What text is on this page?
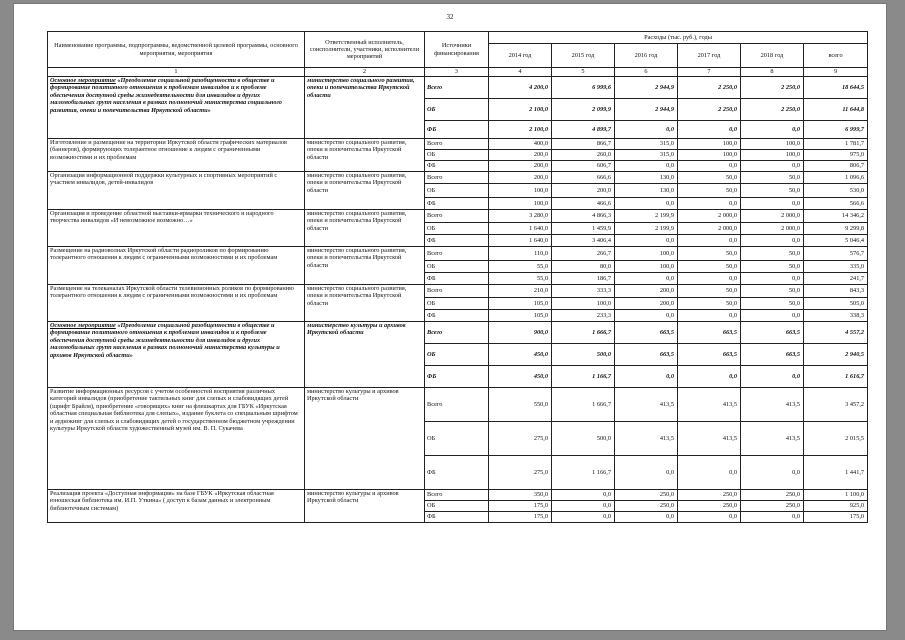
32
Наименование программы, подпрограммы, ведомственной целевой программы, основного мероприятия, мероприятия	Ответственный исполнитель, соисполнители, участники, исполнители мероприятий	Источники финансирования	Расходы (тыс. руб.), годы					
			2014 год	2015 год	2016 год	2017 год	2018 год	всего
1	2	3	4	5	6	7	8	9
Основное мероприятие «Преодоление социальной разобщенности в обществе и формирование позитивного отношения к проблемам инвалидов и к проблеме обеспечения доступной среды жизнедеятельности для инвалидов и других маломобильных групп населения в рамках полномочий министерства социального развития, опеки и попечительства Иркутской области»	министерство социального развития, опеки и попечительства Иркутской области	Всего	4 200,0	6 999,6	2 944,9	2 250,0	2 250,0	18 644,5
		ОБ	2 100,0	2 099,9	2 944,9	2 250,0	2 250,0	11 644,8
		ФБ	2 100,0	4 899,7	0,0	0,0	0,0	6 999,7
Изготовление и размещение на территории Иркутской области графических материалов (баннеров), формирующих толерантное отношение к людям с ограниченными возможностями и их проблемам	министерство социального развития, опеки и попечительства Иркутской области	Всего	400,0	866,7	315,0	100,0	100,0	1 781,7
		ОБ	200,0	260,0	315,0	100,0	100,0	975,0
		ФБ	200,0	606,7	0,0	0,0	0,0	806,7
Организация информационной поддержки культурных и спортивных мероприятий с участием инвалидов, детей-инвалидов	министерство социального развития, опеки и попечительства Иркутской области	Всего	200,0	666,6	130,0	50,0	50,0	1 096,6
		ОБ	100,0	200,0	130,0	50,0	50,0	530,0
		ФБ	100,0	466,6	0,0	0,0	0,0	566,6
Организация и проведение областной выставки-ярмарки технического и народного творчества инвалидов «И невозможное возможно…»	министерство социального развития, опеки и попечительства Иркутской области	Всего	3 280,0	4 866,3	2 199,9	2 000,0	2 000,0	14 346,2
		ОБ	1 640,0	1 459,9	2 199,9	2 000,0	2 000,0	9 299,8
		ФБ	1 640,0	3 406,4	0,0	0,0	0,0	5 046,4
Размещение на радиоволнах Иркутской области радиороликов по формированию толерантного отношения к людям с ограниченными возможностями и их проблемам	министерство социального развития, опеки и попечительства Иркутской области	Всего	110,0	266,7	100,0	50,0	50,0	576,7
		ОБ	55,0	80,0	100,0	50,0	50,0	335,0
		ФБ	55,0	186,7	0,0	0,0	0,0	241,7
Размещение на телеканалах Иркутской области телевизионных роликов по формированию толерантного отношения к людям с ограниченными возможностями и их проблемам	министерство социального развития, опеки и попечительства Иркутской области	Всего	210,0	333,3	200,0	50,0	50,0	843,3
		ОБ	105,0	100,0	200,0	50,0	50,0	505,0
		ФБ	105,0	233,3	0,0	0,0	0,0	338,3
Основное мероприятие «Преодоление социальной разобщенности в обществе и формирование позитивного отношения к проблемам инвалидов и к проблеме обеспечения доступной среды жизнедеятельности для инвалидов и других маломобильных групп населения в рамках полномочий министерства культуры и архивов Иркутской области»	министерство культуры и архивов Иркутской области	Всего	900,0	1 666,7	663,5	663,5	663,5	4 557,2
		ОБ	450,0	500,0	663,5	663,5	663,5	2 940,5
		ФБ	450,0	1 166,7	0,0	0,0	0,0	1 616,7
Развитие информационных ресурсов с учетом особенностей восприятия различных категорий инвалидов (приобретение тактильных книг для слепых и слабовидящих детей (шрифт Брайля), приобретение «говорящих» книг на флешкартах для ГБУК «Иркутская областная специальная библиотека для слепых», издание буклета со специальным шрифтом и аудиокниг для слепых и слабовидящих детей о государственном бюджетном учреждении культуры Иркутской области художественный музей им. В. П. Сукачева	министерство культуры и архивов Иркутской области	Всего	550,0	1 666,7	413,5	413,5	413,5	3 457,2
		ОБ	275,0	500,0	413,5	413,5	413,5	2 015,5
		ФБ	275,0	1 166,7	0,0	0,0	0,0	1 441,7
Реализация проекта «Доступная информация» на базе ГБУК «Иркутская областная юношеская библиотека им. И.П. Уткина» ( доступ к базам данных и электронным библиотечным системам)	министерство культуры и архивов Иркутской области	Всего	350,0	0,0	250,0	250,0	250,0	1 100,0
		ОБ	175,0	0,0	250,0	250,0	250,0	925,0
		ФБ	175,0	0,0	0,0	0,0	0,0	175,0
